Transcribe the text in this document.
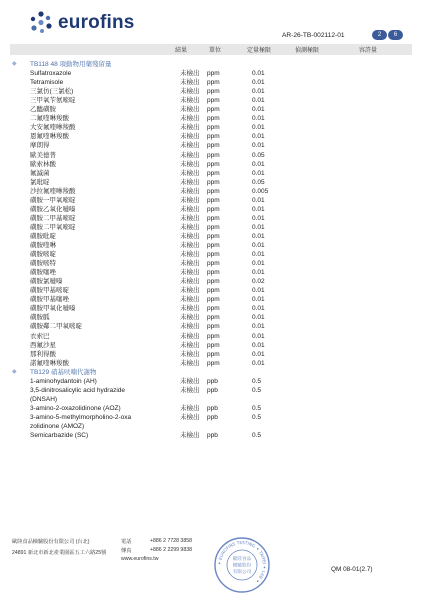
eurofins
AR-26-TB-002112-01	2	6
結果	單位	定量極限	偵測極限	容許量
◆ TB118 48 項動物用藥殘留量
Sulfatroxazole	未檢出 ppm	0.01
Tetramisole	未檢出 ppm	0.01
三氯仿(三氯松)	未檢出 ppm	0.01
三甲氧苄氨嘧啶	未檢出 ppm	0.01
乙醯磺胺	未檢出 ppm	0.01
二氟喹啉羧酸	未檢出 ppm	0.01
大安氟喹啉羧酸	未檢出 ppm	0.01
恩氟喹啉羧酸	未檢出 ppm	0.01
摩朗得	未檢出 ppm	0.01
歐美德普	未檢出 ppm	0.05
歐索林酸	未檢出 ppm	0.01
氟滅菌	未檢出 ppm	0.01
氯吡啶	未檢出 ppm	0.05
沙拉氟喹啉羧酸	未檢出 ppm	0.005
磺胺一甲氧嘧啶	未檢出 ppm	0.01
磺胺乙氧化噠嗪	未檢出 ppm	0.01
磺胺二甲基嘧啶	未檢出 ppm	0.01
磺胺二甲氧嘧啶	未檢出 ppm	0.01
磺胺吡啶	未檢出 ppm	0.01
磺胺喹啉	未檢出 ppm	0.01
磺胺嘧啶	未檢出 ppm	0.01
磺胺嘧特	未檢出 ppm	0.01
磺胺噻唑	未檢出 ppm	0.01
磺胺氯噠嗪	未檢出 ppm	0.02
磺胺甲基嘧啶	未檢出 ppm	0.01
磺胺甲基噻唑	未檢出 ppm	0.01
磺胺甲氧化噠嗪	未檢出 ppm	0.01
磺胺胍	未檢出 ppm	0.01
磺胺鄰二甲氧嘧啶	未檢出 ppm	0.01
衣索巴	未檢出 ppm	0.01
西氟沙星	未檢出 ppm	0.01
那利得酸	未檢出 ppm	0.01
諾氟喹啉羧酸	未檢出 ppm	0.01
◆ TB129 硝基呋喃代謝物
1-aminohydantoin (AH)	未檢出 ppb	0.5
3,5-dinitrosalicylic acid hydrazide	未檢出 ppb	0.5
(DNSAH)
3-amino-2-oxazolidinone (AOZ)	未檢出 ppb	0.5
3-amino-5-methylmorpholino-2-oxa	未檢出 ppb	0.5
zolidinone (AMOZ)
Semicarbazide (SC)	未檢出 ppb	0.5
歐陸食品檢驗股份有限公司 (台北)
24891 新北市新北產業園區五工六路25號
電話	+886 2 7728 3858
傳真	+886 2 2299 9838
www.eurofins.tw
✦ EUROFINS TESTING ✦ TAIPEI ✦ LAB ✦
歐陸食品
檢驗股份
有限公司	QM 08-01(2.7)
